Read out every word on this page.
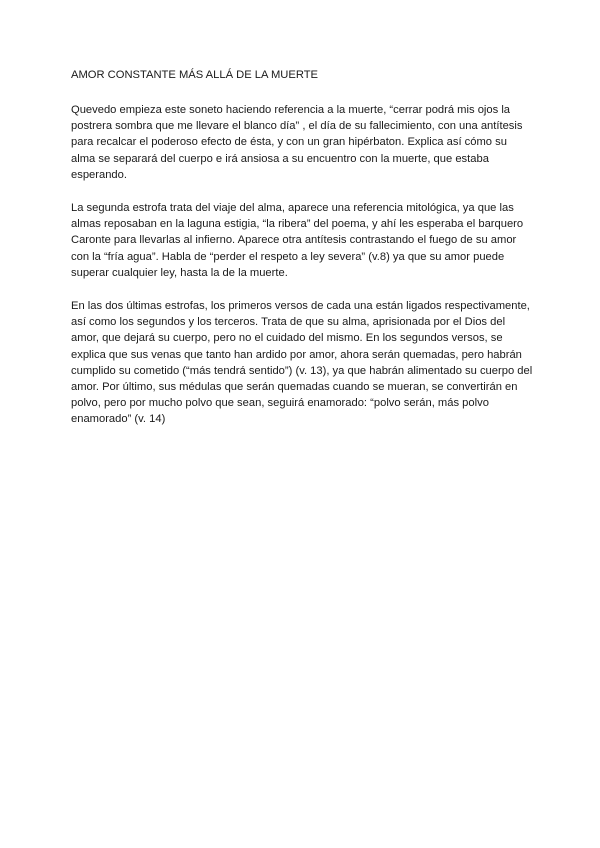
AMOR CONSTANTE MÁS ALLÁ DE LA MUERTE

Quevedo empieza este soneto haciendo referencia a la muerte, “cerrar podrá mis ojos la postrera sombra que me llevare el blanco día” , el día de su fallecimiento, con una antítesis para recalcar el poderoso efecto de ésta, y con un gran hipérbaton. Explica así cómo su alma se separará del cuerpo e irá ansiosa a su encuentro con la muerte, que estaba esperando.

La segunda estrofa trata del viaje del alma, aparece una referencia mitológica, ya que las almas reposaban en la laguna estigia, “la ribera” del poema, y ahí les esperaba el barquero Caronte para llevarlas al infierno. Aparece otra antítesis contrastando el fuego de su amor con la “fría agua”. Habla de “perder el respeto a ley severa” (v.8) ya que su amor puede superar cualquier ley, hasta la de la muerte.

En las dos últimas estrofas, los primeros versos de cada una están ligados respectivamente, así como los segundos y los terceros. Trata de que su alma, aprisionada por el Dios del amor, que dejará su cuerpo, pero no el cuidado del mismo. En los segundos versos, se explica que sus venas que tanto han ardido por amor, ahora serán quemadas, pero habrán cumplido su cometido (“más tendrá sentido”) (v. 13), ya que habrán alimentado su cuerpo del amor. Por último, sus médulas que serán quemadas cuando se mueran, se convertirán en polvo, pero por mucho polvo que sean, seguirá enamorado: “polvo serán, más polvo enamorado” (v. 14)
